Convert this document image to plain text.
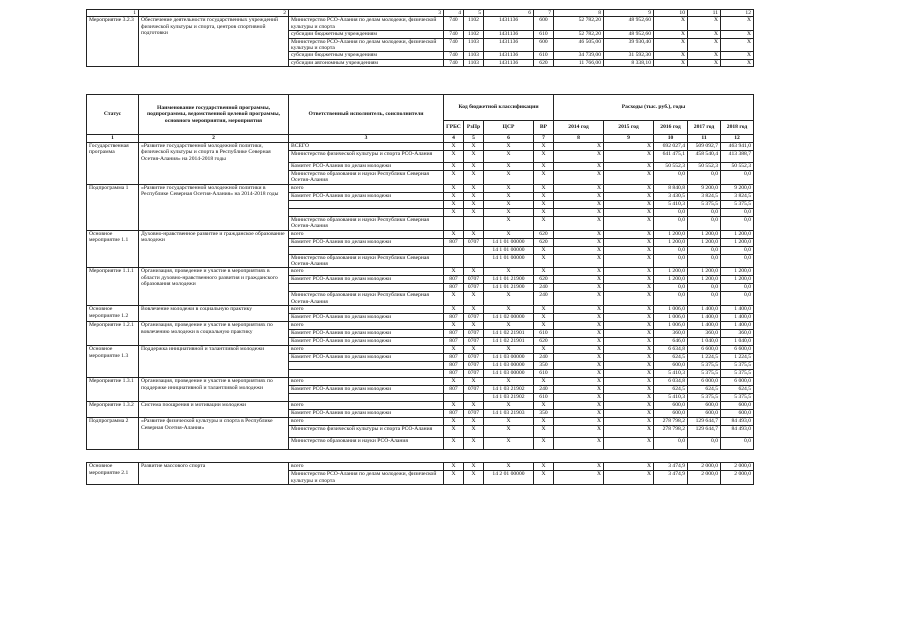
1	2	3	4	5	6	7	8	9	10	11	12
Мероприятие 3.2.3	Обеспечение деятельности государственных учреждений физической культуры и спорта, центров спортивной подготовки	Министерство РСО-Алания по делам молодежи, физической культуры и спорта	740	1102	1431136	600	52 782,20	48 952,60	X	X	X
		субсидии бюджетным учреждениям	740	1102	1431136	610	52 782,20	48 952,60	X	X	X
		Министерство РСО-Алания по делам молодежи, физической культуры и спорта	740	1103	1431136	600	46 505,00	39 930,40	X	X	X
		субсидии бюджетным учреждениям	740	1103	1431136	610	34 739,00	31 592,30	X	X	X
		субсидии автономным учреждениям	740	1103	1431136	620	11 766,00	8 338,10	X	X	X
Статус	Наименование государственной программы, подпрограммы, ведомственной целевой программы, основного мероприятия, мероприятия	Ответственный исполнитель, соисполнители	Код бюджетной классификации				Расходы (тыс. руб.), годы				
			ГРБС	РзПр	ЦСР	ВР	2014 год	2015 год	2016 год	2017 год	2018 год
1	2	3	4	5	6	7	8	9	10	11	12
Государственная программа	«Развитие государственной молодежной политики, физической культуры и спорта в Республике Северная Осетия-Алания» на 2014-2018 годы	ВСЕГО	X	X	X	X	X	X	692 027,4	509 092,7	463 941,0
		Министерство физической культуры и спорта РСО-Алания	X	X	X	X	X	X	641 475,1	458 540,4	413 388,7
		Комитет РСО-Алания по делам молодежи	X	X	X	X	X	X	50 552,3	50 552,3	50 552,3
		Министерство образования и науки Республики Северная Осетия-Алания	X	X	X	X	X	X	0,0	0,0	0,0
Подпрограмма 1	«Развитие государственной молодежной политики в Республике Северная Осетия-Алания» на 2014-2018 годы	всего	X	X	X	X	X	X	8 840,8	9 200,0	9 200,0
		Комитет РСО-Алания по делам молодежи	X	X	X	X	X	X	3 430,5	3 824,5	3 824,5
			X	X	X	X	X	X	5 410,3	5 375,5	5 375,5
			X	X	X	X	X	X	0,0	0,0	0,0
		Министерство образования и науки Республики Северная Осетия-Алания			X	X	X	X	0,0	0,0	0,0
Основное мероприятие 1.1	Духовно-нравственное развитие и гражданское образование молодежи	всего	X	X	X	620	X	X	1 200,0	1 200,0	1 200,0
		Комитет РСО-Алания по делам молодежи	807	0707	14 1 01 00000	620	X	X	1 200,0	1 200,0	1 200,0
					14 1 01 00000	X	X	X	0,0	0,0	0,0
		Министерство образования и науки Республики Северная Осетия-Алания			14 1 01 00000	X	X	X	0,0	0,0	0,0
Мероприятие 1.1.1	Организация, проведение и участие в мероприятиях в области духовно-нравственного развития и гражданского образования молодежи	всего	X	X	X	X	X	X	1 200,0	1 200,0	1 200,0
		Комитет РСО-Алания по делам молодежи	807	0707	14 1 01 21900	620	X	X	1 200,0	1 200,0	1 200,0
			807	0707	14 1 01 21900	240	X	X	0,0	0,0	0,0
		Министерство образования и науки Республики Северная Осетия-Алания	X	X	X	240	X	X	0,0	0,0	0,0
Основное мероприятие 1.2	Вовлечение молодежи в социальную практику	всего	X	X	X	X	X	X	1 006,0	1 400,0	1 400,0
		Комитет РСО-Алания по делам молодежи	807	0707	14 1 02 00000	X	X	X	1 006,0	1 400,0	1 400,0
Мероприятие 1.2.1	Организация, проведение и участие в мероприятиях по вовлечению молодежи в социальную практику	всего	X	X	X	X	X	X	1 006,0	1 400,0	1 400,0
		Комитет РСО-Алания по делам молодежи	807	0707	14 1 02 21901	610	X	X	360,0	360,0	360,0
		Комитет РСО-Алания по делам молодежи	807	0707	14 1 02 21901	620	X	X	646,0	1 040,0	1 040,0
Основное мероприятие 1.3	Поддержка инициативной и талантливой молодежи	всего	X	X	X	X	X	X	6 634,8	6 600,0	6 600,0
		Комитет РСО-Алания по делам молодежи	807	0707	14 1 03 00000	240	X	X	624,5	1 224,5	1 224,5
			807	0707	14 1 03 00000	350	X	X	600,0	5 375,5	5 375,5
			807	0707	14 1 03 00000	610	X	X	5 410,3	5 375,5	5 375,5
Мероприятие 1.3.1	Организация, проведение и участие в мероприятиях по поддержке инициативной и талантливой молодежи	всего	X	X	X	X	X	X	6 034,8	6 000,0	6 000,0
		Комитет РСО-Алания по делам молодежи	807	0707	14 1 03 21902	240	X	X	624,5	624,5	624,5
					14 1 03 21902	610	X	X	5 410,3	5 375,5	5 375,5
Мероприятие 1.3.2	Система поощрения и мотивации молодежи	всего	X	X	X	X	X	X	600,0	600,0	600,0
		Комитет РСО-Алания по делам молодежи	807	0707	14 1 03 21903	350	X	X	600,0	600,0	600,0
Подпрограмма 2	«Развитие физической культуры и спорта в Республике Северная Осетия-Алания»	всего	X	X	X	X	X	X	278 798,2	129 644,7	84 493,0
		Министерство физической культуры и спорта РСО-Алания	X	X	X	X	X	X	278 798,2	129 644,7	84 493,0
		Министерство образования и науки РСО-Алания	X	X	X	X	X	X	0,0	0,0	0,0

Основное мероприятие 2.1	Развитие массового спорта	всего	X	X	X	X	X	X	3 474,9	2 000,0	2 000,0
		Министерство РСО-Алания по делам молодежи, физической культуры и спорта	X	X	14 2 01 00000	X	X	X	3 474,9	2 000,0	2 000,0
